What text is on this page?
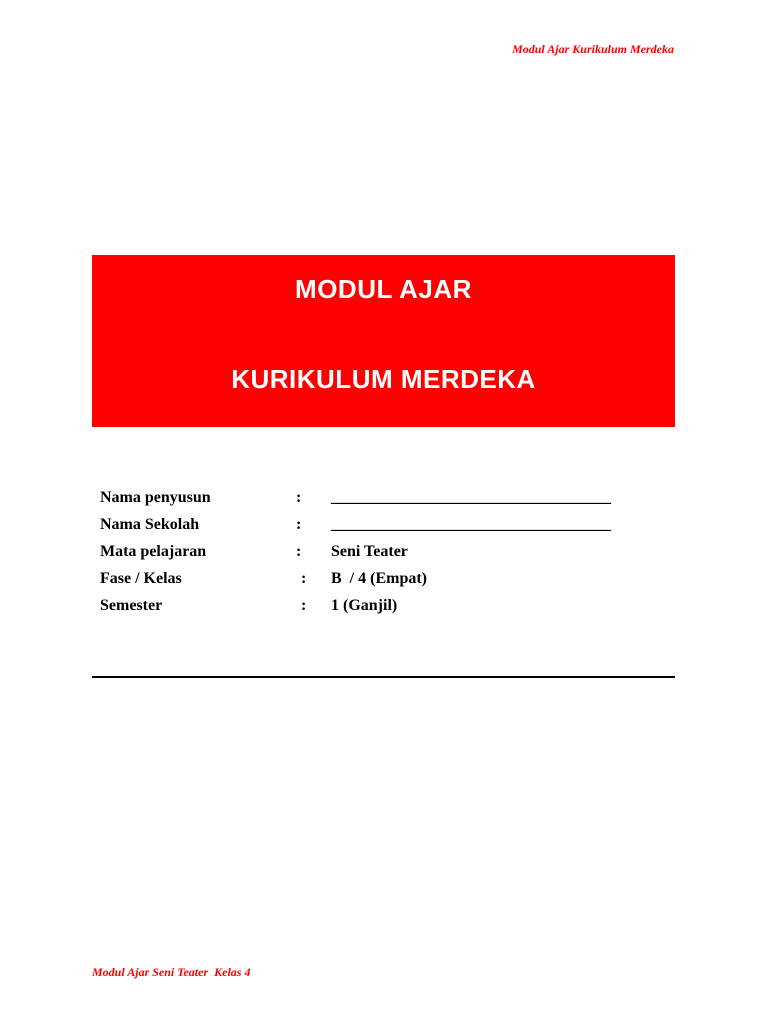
Modul Ajar Kurikulum Merdeka
MODUL AJAR
KURIKULUM MERDEKA
Nama penyusun	: ___________________________________
Nama Sekolah	: ___________________________________
Mata pelajaran	: Seni Teater
Fase / Kelas	: B  / 4 (Empat)
Semester	: 1 (Ganjil)
Modul Ajar Seni Teater  Kelas 4
